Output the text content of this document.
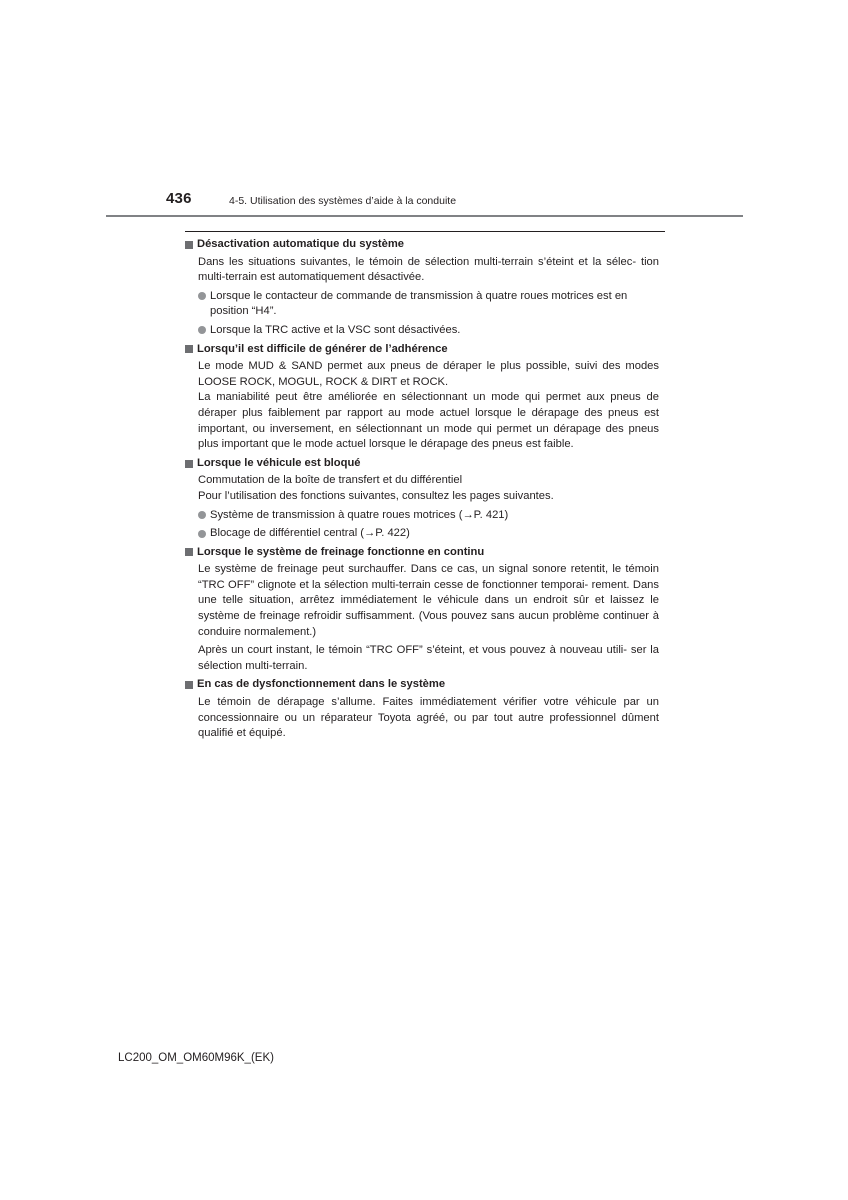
436	4-5. Utilisation des systèmes d’aide à la conduite
Désactivation automatique du système
Dans les situations suivantes, le témoin de sélection multi-terrain s’éteint et la sélec- tion multi-terrain est automatiquement désactivée.
Lorsque le contacteur de commande de transmission à quatre roues motrices est en position “H4”.
Lorsque la TRC active et la VSC sont désactivées.
Lorsqu’il est difficile de générer de l’adhérence
Le mode MUD & SAND permet aux pneus de déraper le plus possible, suivi des modes LOOSE ROCK, MOGUL, ROCK & DIRT et ROCK.
La maniabilité peut être améliorée en sélectionnant un mode qui permet aux pneus de déraper plus faiblement par rapport au mode actuel lorsque le dérapage des pneus est important, ou inversement, en sélectionnant un mode qui permet un dérapage des pneus plus important que le mode actuel lorsque le dérapage des pneus est faible.
Lorsque le véhicule est bloqué
Commutation de la boîte de transfert et du différentiel
Pour l’utilisation des fonctions suivantes, consultez les pages suivantes.
Système de transmission à quatre roues motrices (→P. 421)
Blocage de différentiel central (→P. 422)
Lorsque le système de freinage fonctionne en continu
Le système de freinage peut surchauffer. Dans ce cas, un signal sonore retentit, le témoin “TRC OFF” clignote et la sélection multi-terrain cesse de fonctionner temporai- rement. Dans une telle situation, arrêtez immédiatement le véhicule dans un endroit sûr et laissez le système de freinage refroidir suffisamment. (Vous pouvez sans aucun problème continuer à conduire normalement.)
Après un court instant, le témoin “TRC OFF” s’éteint, et vous pouvez à nouveau utili- ser la sélection multi-terrain.
En cas de dysfonctionnement dans le système
Le témoin de dérapage s’allume. Faites immédiatement vérifier votre véhicule par un concessionnaire ou un réparateur Toyota agréé, ou par tout autre professionnel dûment qualifié et équipé.
LC200_OM_OM60M96K_(EK)
